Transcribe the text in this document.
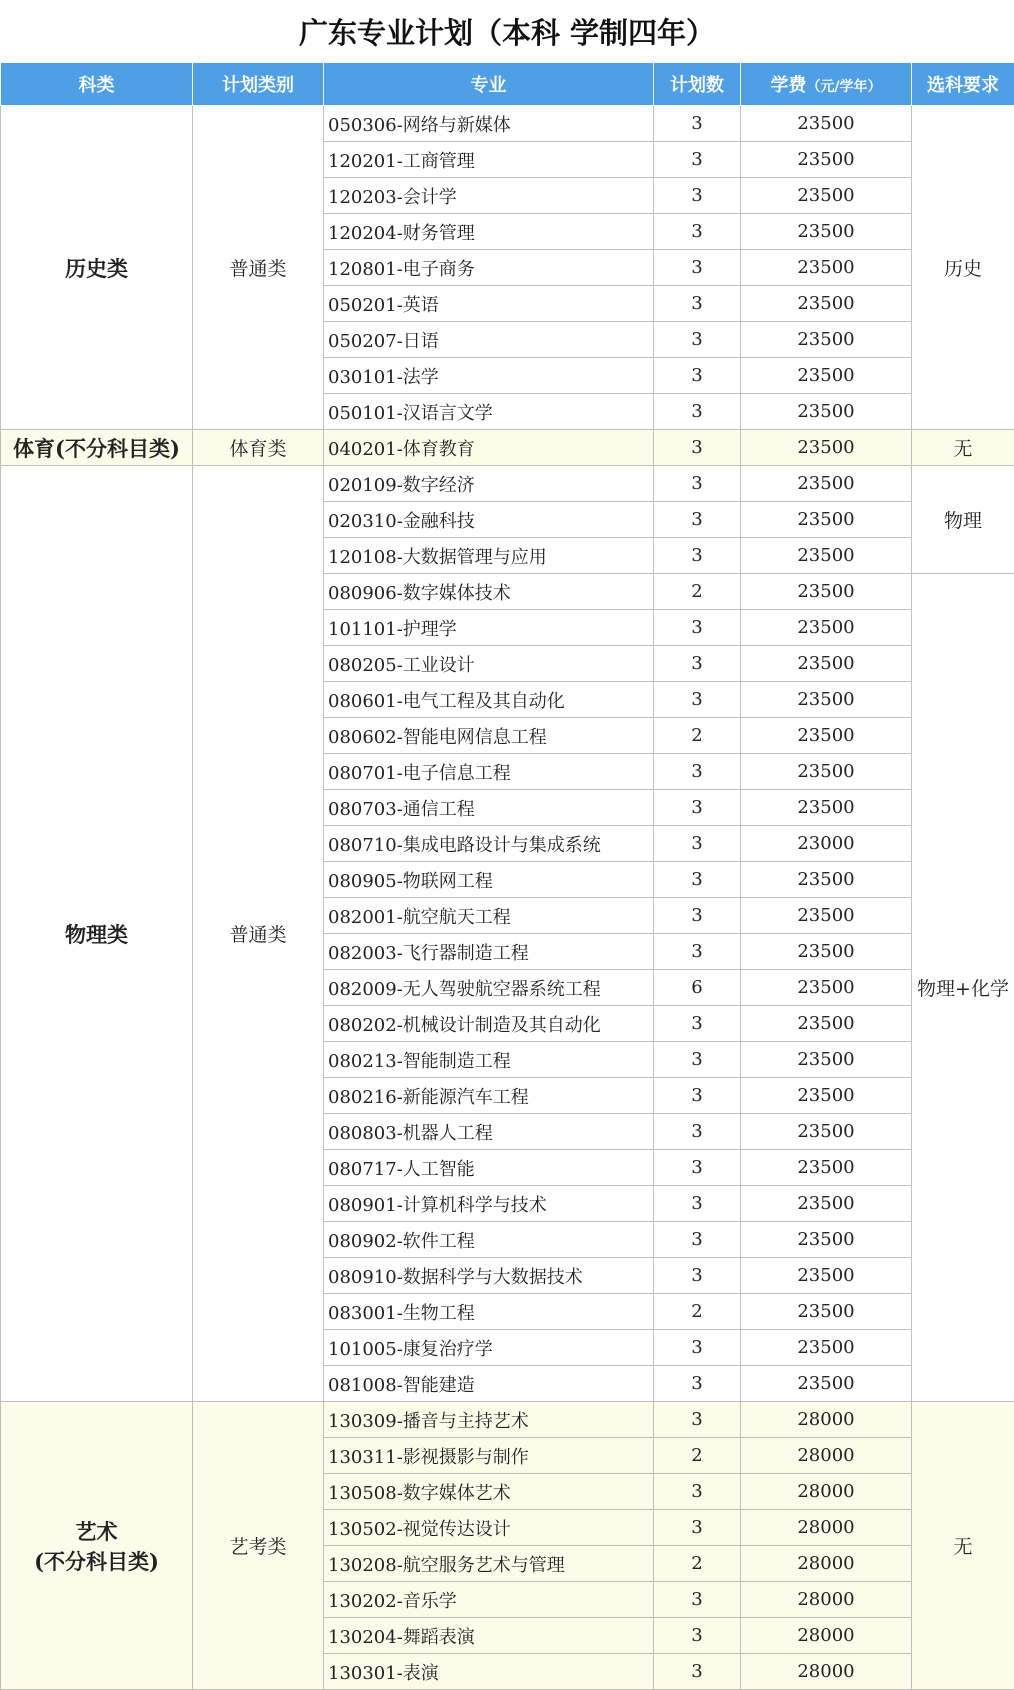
广东专业计划（本科 学制四年）
科类	计划类别	专业	计划数	学费（元/学年）	选科要求
历史类	普通类	050306-网络与新媒体	3	23500	历史
		120201-工商管理	3	23500	
		120203-会计学	3	23500	
		120204-财务管理	3	23500	
		120801-电子商务	3	23500	
		050201-英语	3	23500	
		050207-日语	3	23500	
		030101-法学	3	23500	
		050101-汉语言文学	3	23500	
体育(不分科目类)	体育类	040201-体育教育	3	23500	无
物理类	普通类	020109-数字经济	3	23500	物理
		020310-金融科技	3	23500	
		120108-大数据管理与应用	3	23500	
		080906-数字媒体技术	2	23500	物理+化学
		101101-护理学	3	23500	
		080205-工业设计	3	23500	
		080601-电气工程及其自动化	3	23500	
		080602-智能电网信息工程	2	23500	
		080701-电子信息工程	3	23500	
		080703-通信工程	3	23500	
		080710-集成电路设计与集成系统	3	23000	
		080905-物联网工程	3	23500	
		082001-航空航天工程	3	23500	
		082003-飞行器制造工程	3	23500	
		082009-无人驾驶航空器系统工程	6	23500	
		080202-机械设计制造及其自动化	3	23500	
		080213-智能制造工程	3	23500	
		080216-新能源汽车工程	3	23500	
		080803-机器人工程	3	23500	
		080717-人工智能	3	23500	
		080901-计算机科学与技术	3	23500	
		080902-软件工程	3	23500	
		080910-数据科学与大数据技术	3	23500	
		083001-生物工程	2	23500	
		101005-康复治疗学	3	23500	
		081008-智能建造	3	23500	

艺术
(不分科目类)	艺考类	130309-播音与主持艺术	3	28000	无
		130311-影视摄影与制作	2	28000	
		130508-数字媒体艺术	3	28000	
		130502-视觉传达设计	3	28000	
		130208-航空服务艺术与管理	2	28000	
		130202-音乐学	3	28000	
		130204-舞蹈表演	3	28000	
		130301-表演	3	28000	
